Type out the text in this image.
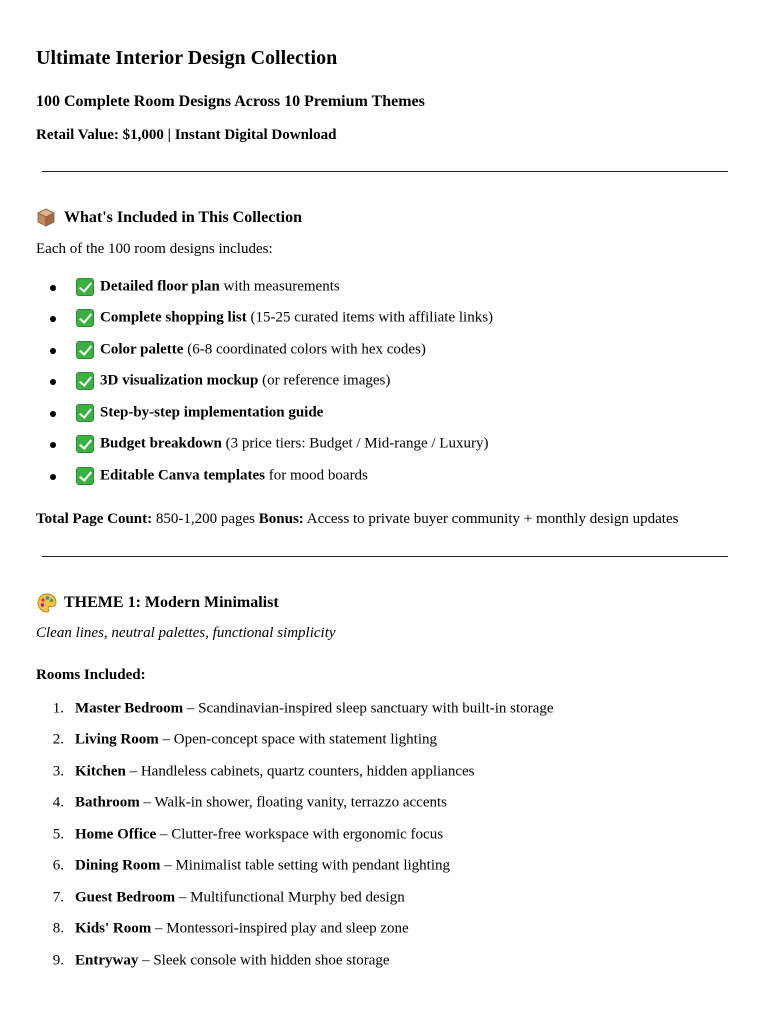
Ultimate Interior Design Collection

100 Complete Room Designs Across 10 Premium Themes

Retail Value: $1,000 | Instant Digital Download

What's Included in This Collection

Each of the 100 room designs includes:

Detailed floor plan with measurements
Complete shopping list (15-25 curated items with affiliate links)
Color palette (6-8 coordinated colors with hex codes)
3D visualization mockup (or reference images)
Step-by-step implementation guide
Budget breakdown (3 price tiers: Budget / Mid-range / Luxury)
Editable Canva templates for mood boards

Total Page Count: 850-1,200 pages Bonus: Access to private buyer community + monthly design updates

THEME 1: Modern Minimalist

Clean lines, neutral palettes, functional simplicity

Rooms Included:

1. Master Bedroom – Scandinavian-inspired sleep sanctuary with built-in storage
2. Living Room – Open-concept space with statement lighting
3. Kitchen – Handleless cabinets, quartz counters, hidden appliances
4. Bathroom – Walk-in shower, floating vanity, terrazzo accents
5. Home Office – Clutter-free workspace with ergonomic focus
6. Dining Room – Minimalist table setting with pendant lighting
7. Guest Bedroom – Multifunctional Murphy bed design
8. Kids' Room – Montessori-inspired play and sleep zone
9. Entryway – Sleek console with hidden shoe storage
